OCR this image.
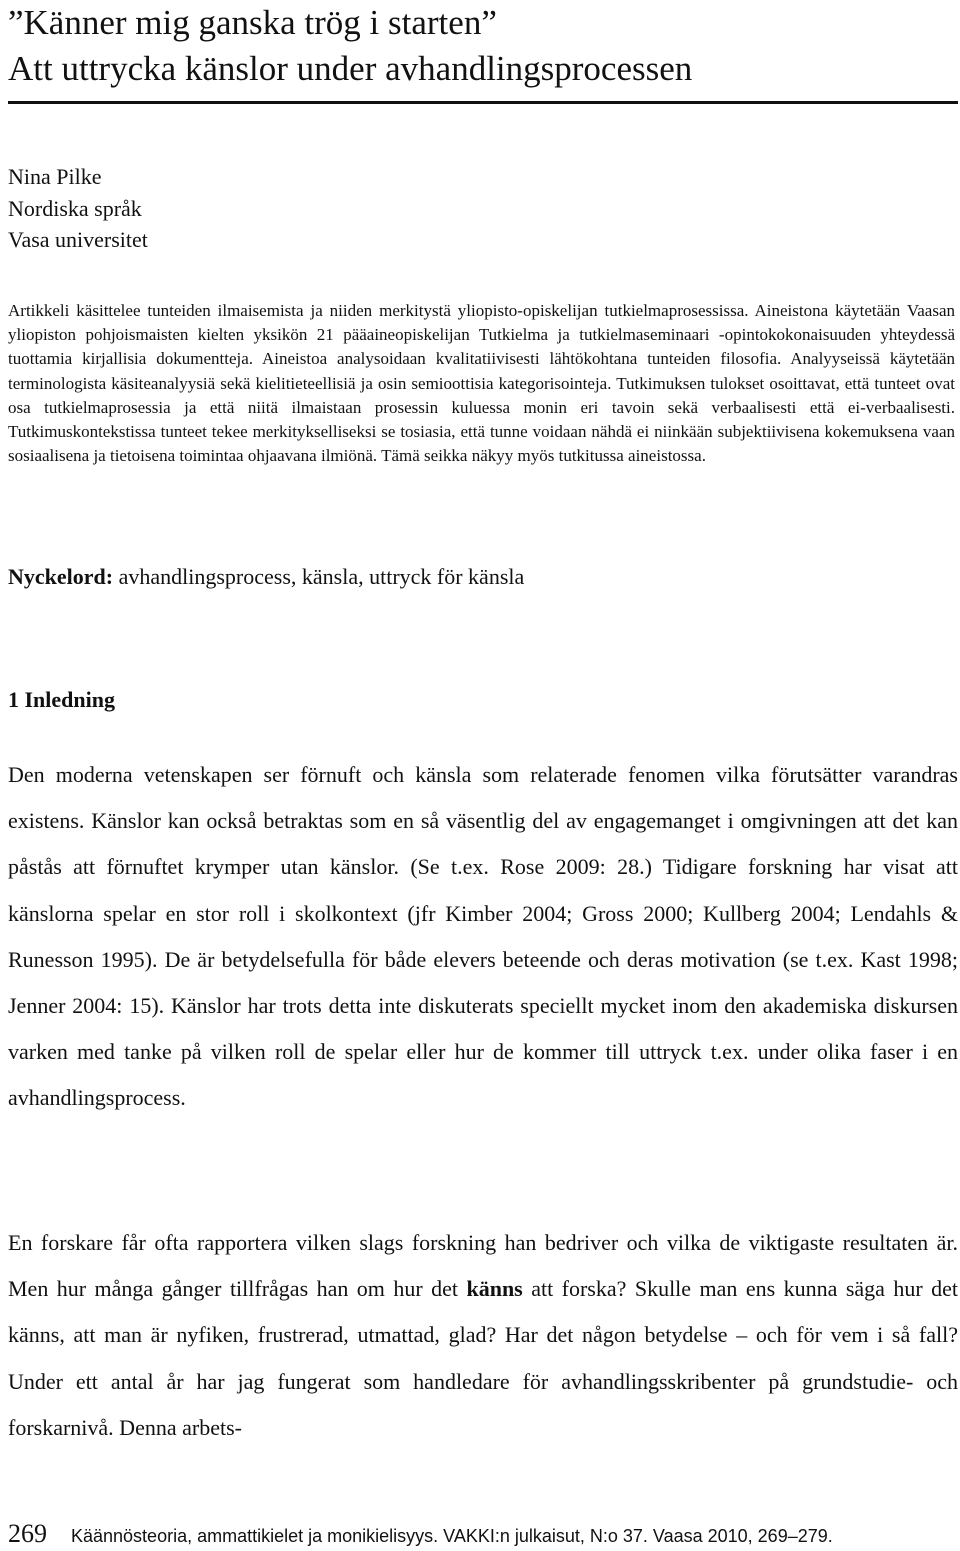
”Känner mig ganska trög i starten”
Att uttrycka känslor under avhandlingsprocessen
Nina Pilke
Nordiska språk
Vasa universitet
Artikkeli käsittelee tunteiden ilmaisemista ja niiden merkitystä yliopisto-opiskelijan tutkielmaprosessissa. Aineistona käytetään Vaasan yliopiston pohjoismaisten kielten yksikön 21 pääaineopiskelijan Tutkielma ja tutkielmaseminaari -opintokokonaisuuden yhteydessä tuottamia kirjallisia dokumentteja. Aineistoa analysoidaan kvalitatiivisesti lähtökohtana tunteiden filosofia. Analyyseissä käytetään terminologista käsiteanalyysiä sekä kielitieteellisiä ja osin semioottisia kategorisointeja. Tutkimuksen tulokset osoittavat, että tunteet ovat osa tutkielmaprosessia ja että niitä ilmaistaan prosessin kuluessa monin eri tavoin sekä verbaalisesti että ei-verbaalisesti. Tutkimuskontekstissa tunteet tekee merkitykselliseksi se tosiasia, että tunne voidaan nähdä ei niinkään subjektiivisena kokemuksena vaan sosiaalisena ja tietoisena toimintaa ohjaavana ilmiönä. Tämä seikka näkyy myös tutkitussa aineistossa.
Nyckelord: avhandlingsprocess, känsla, uttryck för känsla
1 Inledning
Den moderna vetenskapen ser förnuft och känsla som relaterade fenomen vilka förutsätter varandras existens. Känslor kan också betraktas som en så väsentlig del av engagemanget i omgivningen att det kan påstås att förnuftet krymper utan känslor. (Se t.ex. Rose 2009: 28.) Tidigare forskning har visat att känslorna spelar en stor roll i skolkontext (jfr Kimber 2004; Gross 2000; Kullberg 2004; Lendahls & Runesson 1995). De är betydelsefulla för både elevers beteende och deras motivation (se t.ex. Kast 1998; Jenner 2004: 15). Känslor har trots detta inte diskuterats speciellt mycket inom den akademiska diskursen varken med tanke på vilken roll de spelar eller hur de kommer till uttryck t.ex. under olika faser i en avhandlingsprocess.
En forskare får ofta rapportera vilken slags forskning han bedriver och vilka de viktigaste resultaten är. Men hur många gånger tillfrågas han om hur det känns att forska? Skulle man ens kunna säga hur det känns, att man är nyfiken, frustrerad, utmattad, glad? Har det någon betydelse – och för vem i så fall? Under ett antal år har jag fungerat som handledare för avhandlingsskribenter på grundstudie- och forskarnivå. Denna arbets-
269 Käännösteoria, ammattikielet ja monikielisyys. VAKKI:n julkaisut, N:o 37. Vaasa 2010, 269–279.
